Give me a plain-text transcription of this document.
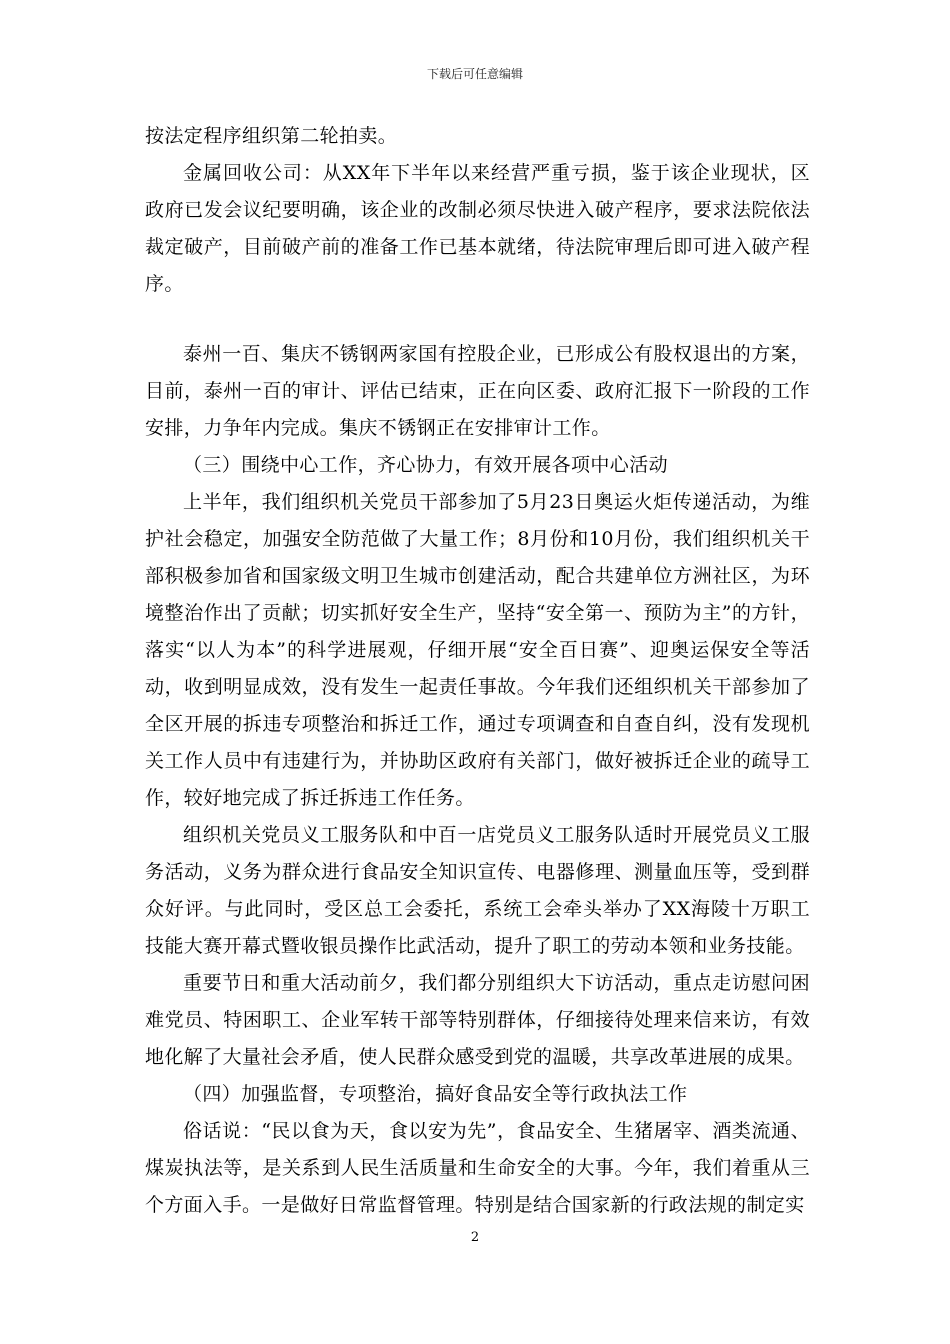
下载后可任意编辑

按法定程序组织第二轮拍卖。

金属回收公司：从XX年下半年以来经营严重亏损，鉴于该企业现状，区政府已发会议纪要明确，该企业的改制必须尽快进入破产程序，要求法院依法裁定破产，目前破产前的准备工作已基本就绪，待法院审理后即可进入破产程序。

泰州一百、集庆不锈钢两家国有控股企业，已形成公有股权退出的方案，目前，泰州一百的审计、评估已结束，正在向区委、政府汇报下一阶段的工作安排，力争年内完成。集庆不锈钢正在安排审计工作。

（三）围绕中心工作，齐心协力，有效开展各项中心活动

上半年，我们组织机关党员干部参加了5月23日奥运火炬传递活动，为维护社会稳定，加强安全防范做了大量工作；8月份和10月份，我们组织机关干部积极参加省和国家级文明卫生城市创建活动，配合共建单位方洲社区，为环境整治作出了贡献；切实抓好安全生产，坚持“安全第一、预防为主”的方针，落实“以人为本”的科学进展观，仔细开展“安全百日赛”、迎奥运保安全等活动，收到明显成效，没有发生一起责任事故。今年我们还组织机关干部参加了全区开展的拆违专项整治和拆迁工作，通过专项调查和自查自纠，没有发现机关工作人员中有违建行为，并协助区政府有关部门，做好被拆迁企业的疏导工作，较好地完成了拆迁拆违工作任务。

组织机关党员义工服务队和中百一店党员义工服务队适时开展党员义工服务活动，义务为群众进行食品安全知识宣传、电器修理、测量血压等，受到群众好评。与此同时，受区总工会委托，系统工会牵头举办了XX海陵十万职工技能大赛开幕式暨收银员操作比武活动，提升了职工的劳动本领和业务技能。

重要节日和重大活动前夕，我们都分别组织大下访活动，重点走访慰问困难党员、特困职工、企业军转干部等特别群体，仔细接待处理来信来访，有效地化解了大量社会矛盾，使人民群众感受到党的温暖，共享改革进展的成果。

（四）加强监督，专项整治，搞好食品安全等行政执法工作

俗话说：“民以食为天，食以安为先”，食品安全、生猪屠宰、酒类流通、煤炭执法等，是关系到人民生活质量和生命安全的大事。今年，我们着重从三个方面入手。一是做好日常监督管理。特别是结合国家新的行政法规的制定实

2
